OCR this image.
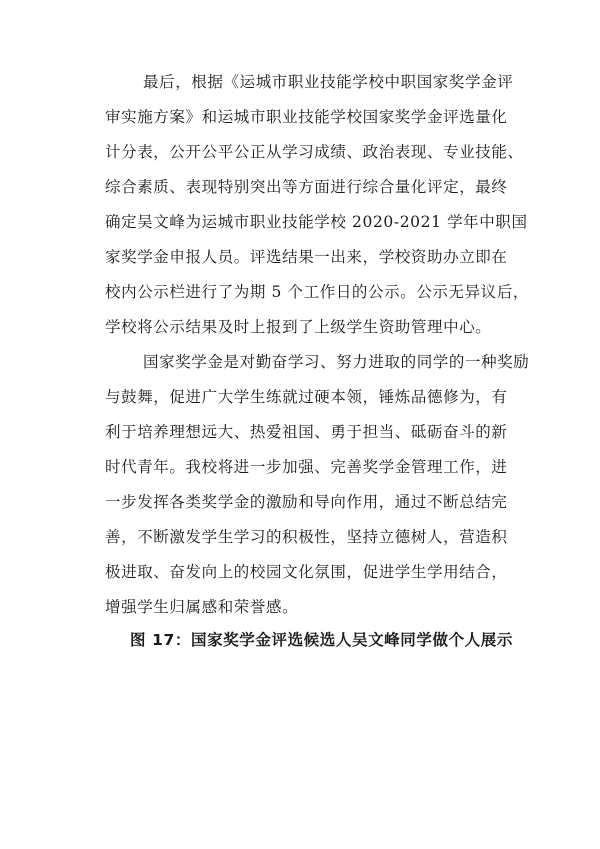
最后，根据《运城市职业技能学校中职国家奖学金评
审实施方案》和运城市职业技能学校国家奖学金评选量化
计分表，公开公平公正从学习成绩、政治表现、专业技能、
综合素质、表现特别突出等方面进行综合量化评定，最终
确定吴文峰为运城市职业技能学校 2020-2021 学年中职国
家奖学金申报人员。评选结果一出来，学校资助办立即在
校内公示栏进行了为期 5 个工作日的公示。公示无异议后，
学校将公示结果及时上报到了上级学生资助管理中心。
国家奖学金是对勤奋学习、努力进取的同学的一种奖励
与鼓舞，促进广大学生练就过硬本领，锤炼品德修为，有
利于培养理想远大、热爱祖国、勇于担当、砥砺奋斗的新
时代青年。我校将进一步加强、完善奖学金管理工作，进
一步发挥各类奖学金的激励和导向作用，通过不断总结完
善，不断激发学生学习的积极性，坚持立德树人，营造积
极进取、奋发向上的校园文化氛围，促进学生学用结合，
增强学生归属感和荣誉感。
图 17：国家奖学金评选候选人吴文峰同学做个人展示
